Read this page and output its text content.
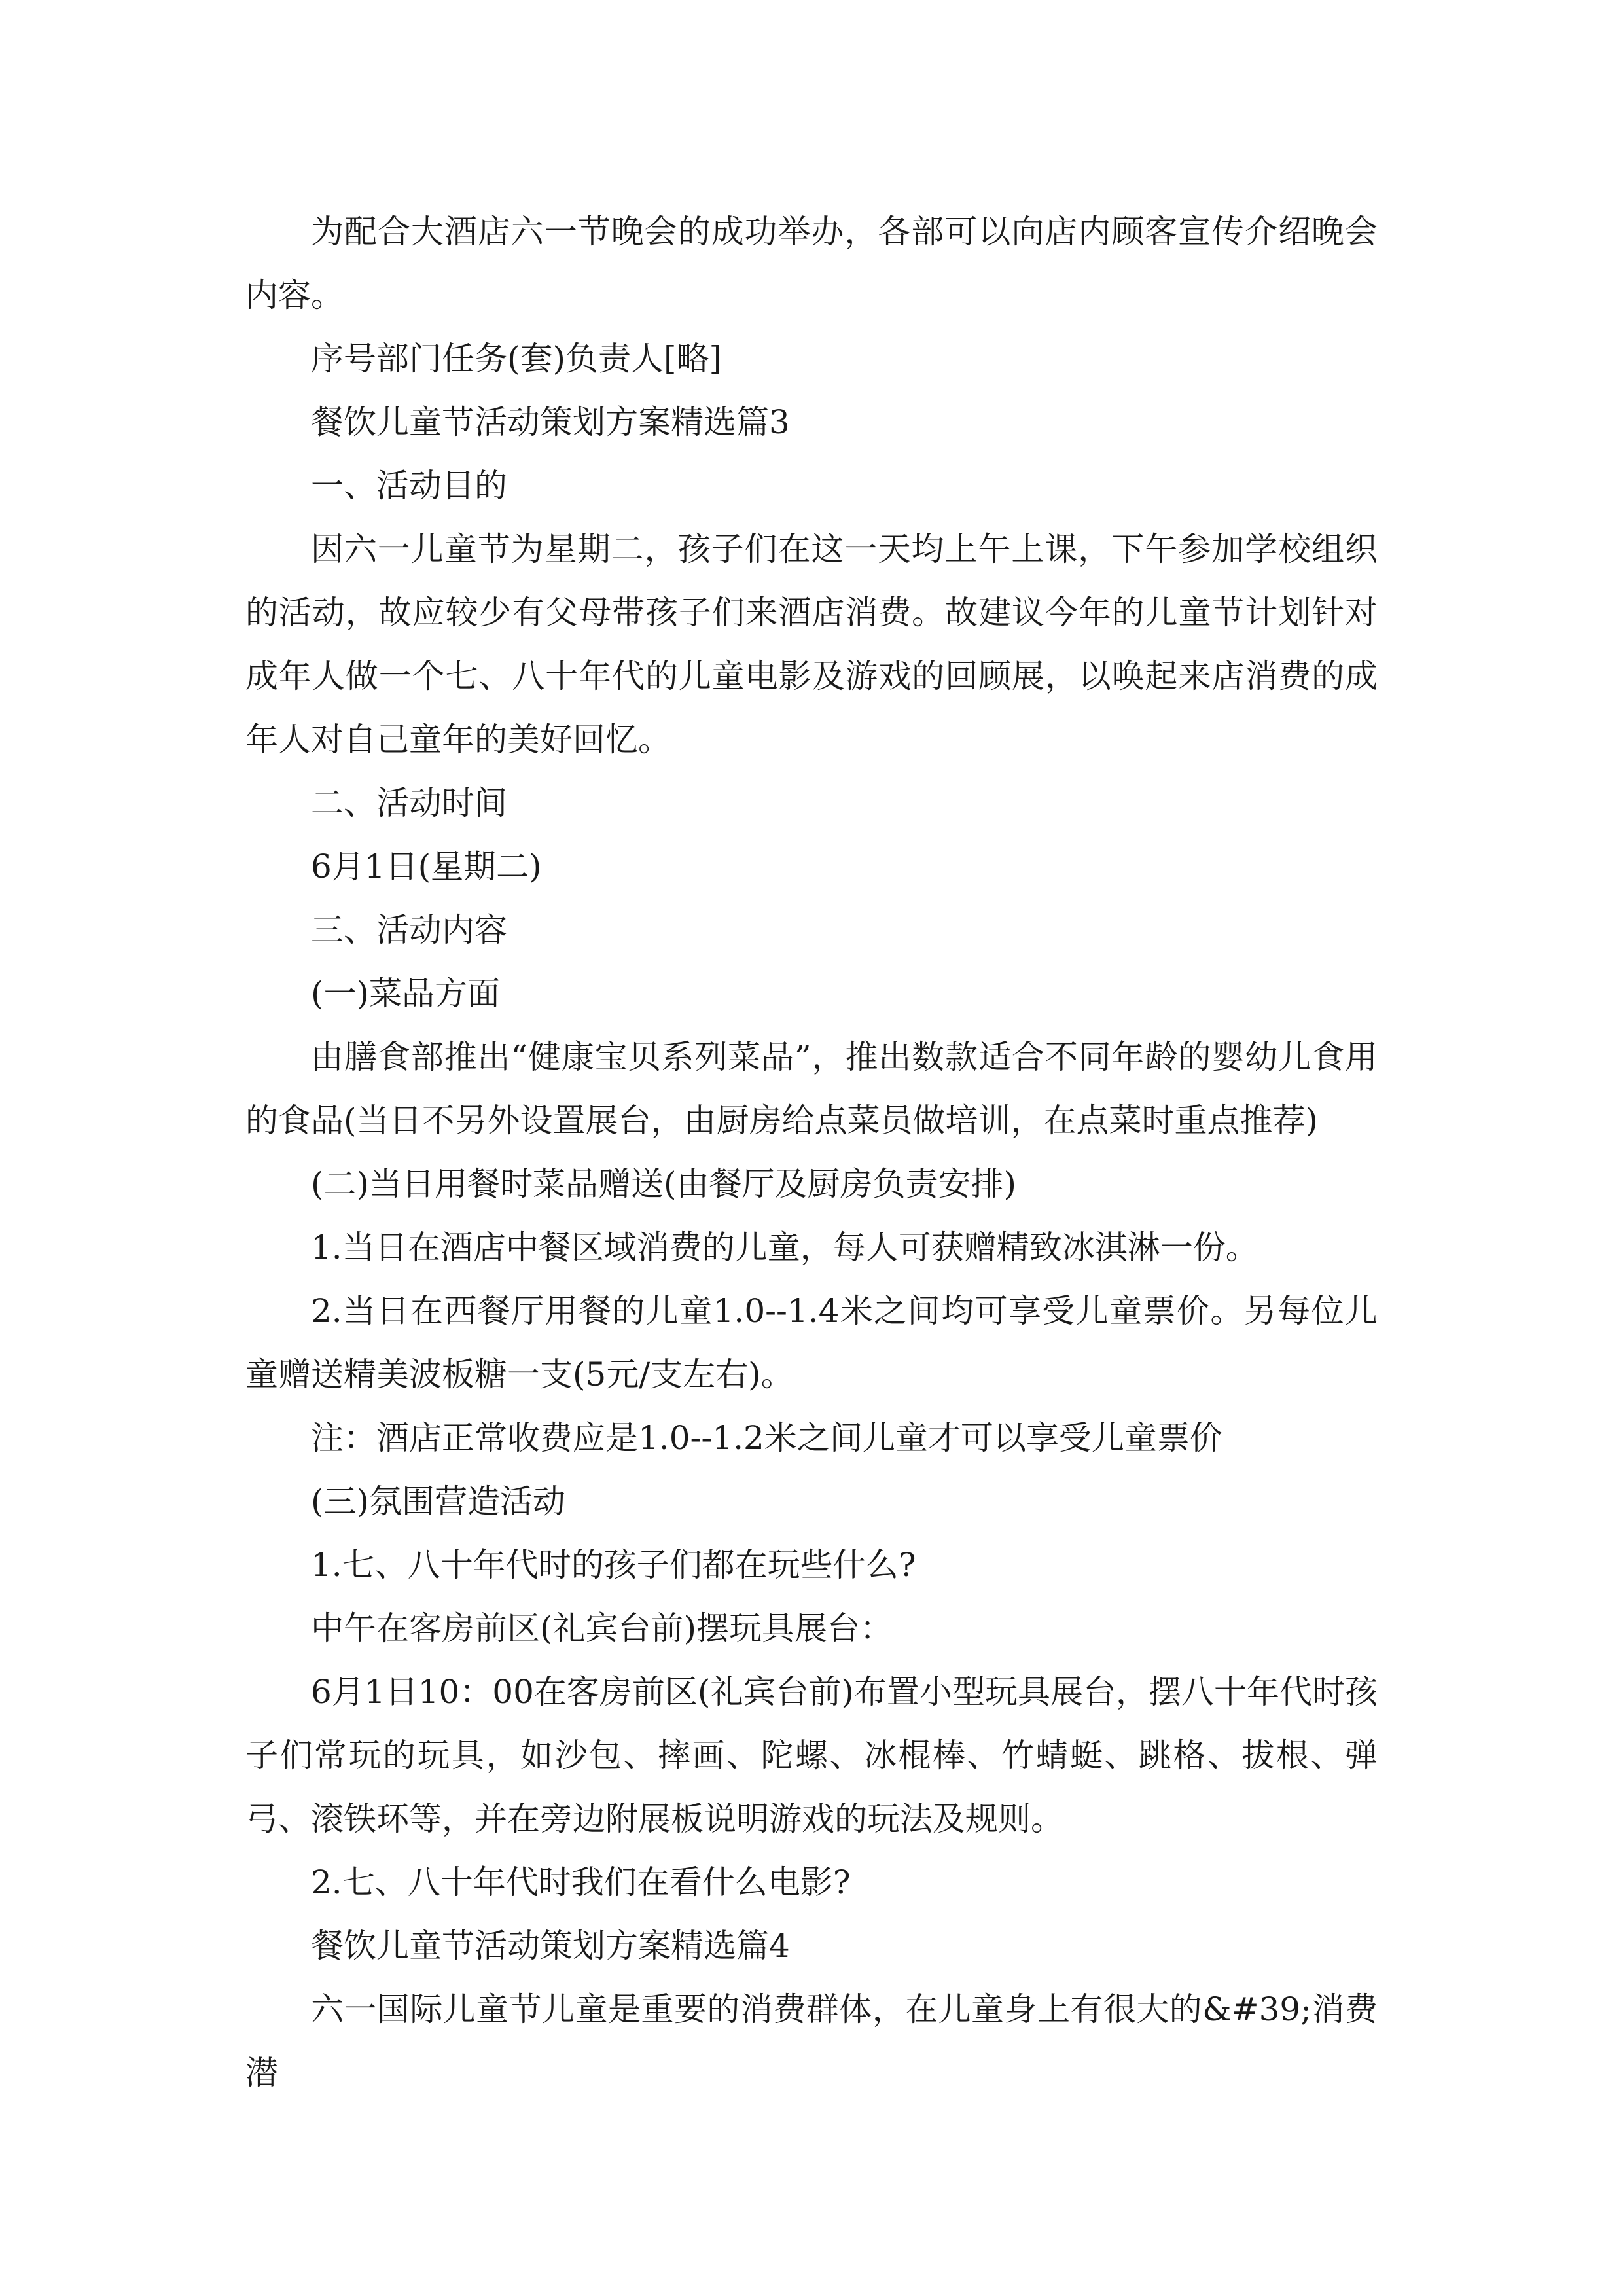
为配合大酒店六一节晚会的成功举办，各部可以向店内顾客宣传介绍晚会内容。

序号部门任务(套)负责人[略]

餐饮儿童节活动策划方案精选篇3

一、活动目的

因六一儿童节为星期二，孩子们在这一天均上午上课，下午参加学校组织的活动，故应较少有父母带孩子们来酒店消费。故建议今年的儿童节计划针对成年人做一个七、八十年代的儿童电影及游戏的回顾展，以唤起来店消费的成年人对自己童年的美好回忆。

二、活动时间

6月1日(星期二)

三、活动内容

(一)菜品方面

由膳食部推出“健康宝贝系列菜品”，推出数款适合不同年龄的婴幼儿食用的食品(当日不另外设置展台，由厨房给点菜员做培训，在点菜时重点推荐)

(二)当日用餐时菜品赠送(由餐厅及厨房负责安排)

1.当日在酒店中餐区域消费的儿童，每人可获赠精致冰淇淋一份。

2.当日在西餐厅用餐的儿童1.0--1.4米之间均可享受儿童票价。另每位儿童赠送精美波板糖一支(5元/支左右)。

注：酒店正常收费应是1.0--1.2米之间儿童才可以享受儿童票价

(三)氛围营造活动

1.七、八十年代时的孩子们都在玩些什么?

中午在客房前区(礼宾台前)摆玩具展台：

6月1日10：00在客房前区(礼宾台前)布置小型玩具展台，摆八十年代时孩子们常玩的玩具，如沙包、摔画、陀螺、冰棍棒、竹蜻蜓、跳格、拔根、弹弓、滚铁环等，并在旁边附展板说明游戏的玩法及规则。

2.七、八十年代时我们在看什么电影?

餐饮儿童节活动策划方案精选篇4

六一国际儿童节儿童是重要的消费群体，在儿童身上有很大的&#39;消费潜
